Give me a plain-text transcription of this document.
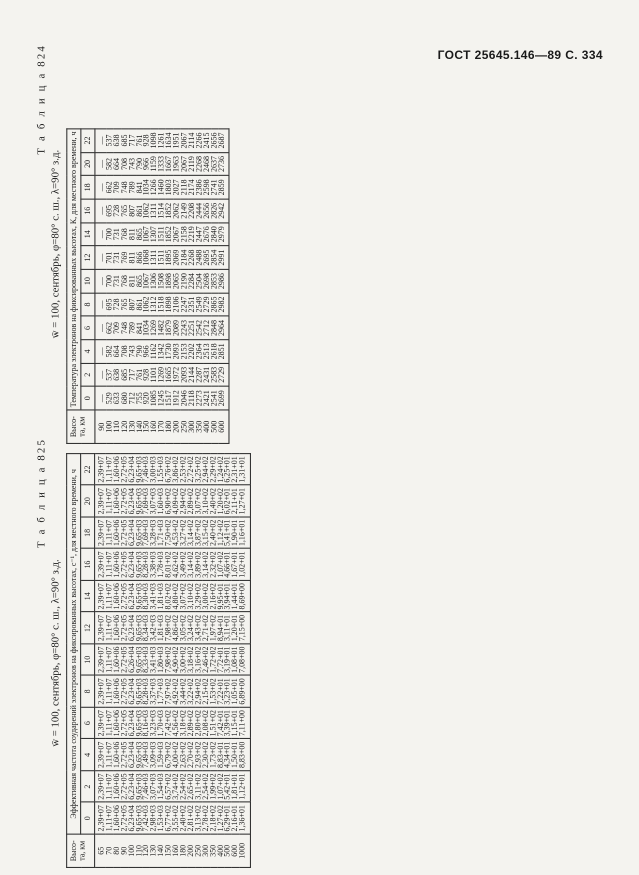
ГОСТ 25645.146—89 С. 334
Т а б л и ц а 824
w̄ = 100, сентябрь, φ=80° с. ш., λ=90° з.д.
Высо-та, км	Температура электронов на фиксированных высотах, К, для местного времени, ч											
	0	2	4	6	8	10	12	14	16	18	20	22
90	—	—	—	—	—	—	—	—	—	—	—	—
100	529	537	582	662	695	700	701	700	695	662	582	537
110	633	638	664	709	728	731	731	731	728	709	664	638
120	680	685	708	748	765	768	769	768	765	748	708	685
130	712	717	743	789	807	811	811	811	807	789	743	717
140	755	761	790	841	861	865	866	865	861	841	790	761
150	920	928	966	1034	1062	1067	1068	1067	1062	1034	966	928
160	1085	1101	1162	1269	1312	1306	1311	1307	1311	1266	1159	1098
170	1245	1269	1342	1482	1518	1508	1511	1511	1514	1460	1333	1261
180	1517	1665	1730	1879	1898	1898	1895	1852	1852	1803	1667	1634
200	1912	1972	2093	2089	2106	2065	2069	2067	2062	2027	1963	1951
250	2046	2093	2153	2243	2247	2190	2184	2158	2149	2118	2067	2067
300	2118	2144	2202	2251	2351	2284	2268	2219	2208	2174	2119	2114
350	2273	2287	2364	2542	2549	2504	2488	2447	2444	2386	2268	2266
400	2421	2431	2513	2712	2729	2698	2695	2676	2656	2598	2468	2415
500	2541	2583	2618	2848	2865	2853	2854	2840	2826	2741	2637	2656
600	2699	2729	2851	2964	2982	2986	2991	2979	2942	2859	2736	2687
Т а б л и ц а 825
w̄ = 100, сентябрь, φ=80° с. ш., λ=90° з.д.
Высо-та, км	Эффективная частота соударений электронов на фиксированных высотах, с⁻¹, для местного времени, ч											
	0	2	4	6	8	10	12	14	16	18	20	22
65	2,39+07	2,39+07	2,39+07	2,39+07	2,39+07	2,39+07	2,39+07	2,39+07	2,39+07	2,39+07	2,39+07	2,39+07
70	1,11+07	1,11+07	1,11+07	1,11+07	1,11+07	1,11+07	1,11+07	1,11+07	1,11+07	1,11+07	1,11+07	1,11+07
80	1,60+06	1,60+06	1,60+06	1,60+06	1,60+06	1,60+06	1,60+06	1,60+06	1,60+06	1,60+06	1,60+06	1,60+06
90	2,72+05	2,72+05	2,72+05	2,72+05	2,72+05	2,72+05	2,72+05	2,72+05	2,72+05	2,72+05	2,72+05	2,72+05
100	6,23+04	6,23+04	6,23+04	6,23+04	6,23+04	6,26+04	6,23+04	6,23+04	6,23+04	6,23+04	6,23+04	6,23+04
110	9,65+03	9,65+03	9,65+03	9,65+03	9,65+03	9,65+03	9,65+03	9,65+03	9,65+03	9,65+03	9,65+03	9,65+03
120	7,42+03	7,46+03	7,49+03	8,16+03	8,28+03	8,33+03	8,34+03	8,30+03	8,28+03	7,69+03	7,69+03	7,46+03
130	2,98+03	3,07+03	3,09+03	3,23+03	3,37+03	3,41+03	3,42+03	3,41+03	3,38+03	3,28+03	3,07+03	3,00+03
140	1,53+03	1,54+03	1,59+03	1,70+03	1,77+03	1,80+03	1,81+03	1,81+03	1,78+03	1,71+03	1,60+03	1,55+03
150	6,77+02	6,57+02	6,79+02	7,42+02	7,97+02	7,98+02	7,98+02	8,02+02	8,01+02	7,50+02	6,90+02	6,76+02
160	3,55+02	3,74+02	4,00+02	4,56+02	4,92+02	4,90+02	4,86+02	4,80+02	4,62+02	4,53+02	4,09+02	3,86+02
180	2,40+02	2,54+02	2,63+02	3,18+02	3,44+02	3,00+02	3,05+02	3,07+02	3,49+02	3,27+02	2,94+02	2,53+02
200	2,81+02	2,65+02	2,70+02	2,89+02	3,22+02	3,18+02	3,24+02	3,10+02	3,14+02	3,14+02	2,89+02	2,72+02
250	3,13+02	3,11+02	2,93+02	2,80+02	2,94+02	3,16+02	3,43+02	3,29+02	3,89+02	3,87+02	3,07+02	3,25+02
300	2,78+02	2,54+02	2,30+02	2,08+02	2,15+02	2,46+02	2,71+02	3,00+02	3,14+02	3,15+02	3,10+02	2,94+02
350	2,18+02	1,99+02	1,73+02	1,51+02	1,53+02	1,72+02	1,97+02	2,16+02	2,32+02	2,40+02	2,40+02	2,29+02
400	1,27+02	1,07+02	8,83+01	7,42+01	7,22+01	7,72+01	8,94+01	9,95+01	1,07+02	1,12+02	1,20+02	1,24+02
500	6,29+01	5,42+01	4,34+01	3,39+01	3,23+01	3,19+01	3,11+01	3,94+01	4,66+01	5,41+01	6,02+01	6,25+01
600	2,16+01	1,81+01	1,50+01	1,15+01	1,05+01	1,08+01	1,20+01	1,44+01	1,67+01	1,90+01	2,11+01	2,31+01
1000	1,36+01	1,12+01	8,83+00	7,11+00	6,89+00	7,08+00	7,15+00	8,69+00	1,02+01	1,16+01	1,27+01	1,31+01
